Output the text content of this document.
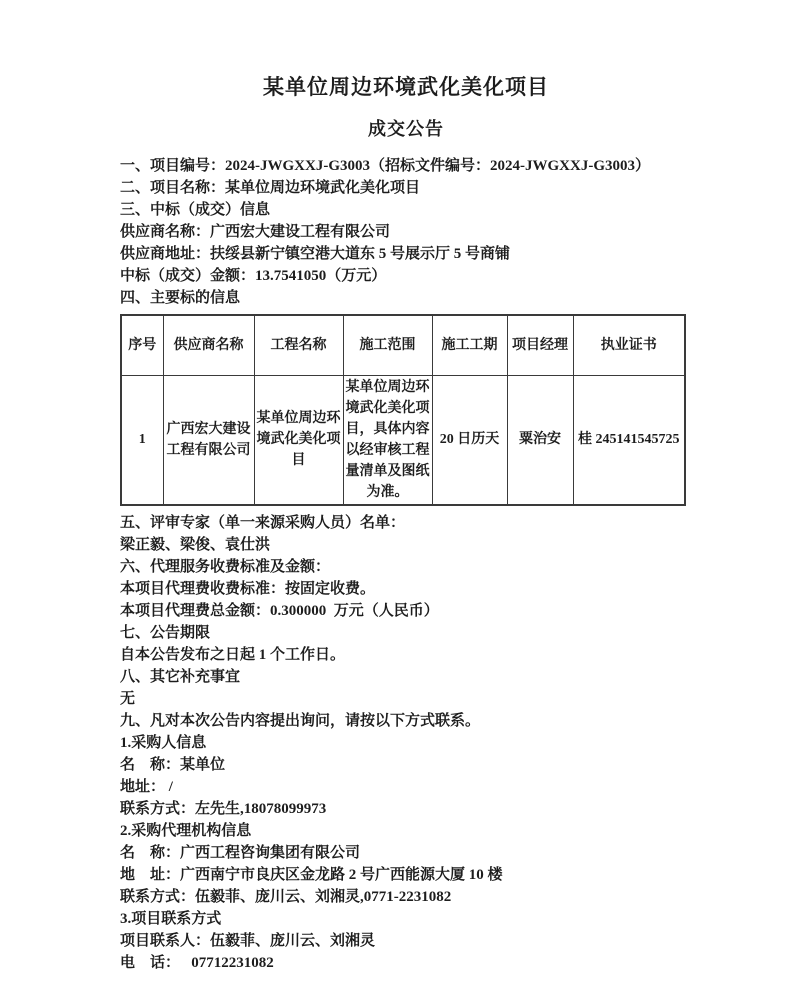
某单位周边环境武化美化项目
成交公告

一、项目编号：2024-JWGXXJ-G3003（招标文件编号：2024-JWGXXJ-G3003）

二、项目名称：某单位周边环境武化美化项目

三、中标（成交）信息

供应商名称：广西宏大建设工程有限公司

供应商地址：扶绥县新宁镇空港大道东 5 号展示厅 5 号商铺

中标（成交）金额：13.7541050（万元）

四、主要标的信息

序号	供应商名称	工程名称	施工范围	施工工期	项目经理	执业证书
1	广西宏大建设工程有限公司	某单位周边环境武化美化项目	某单位周边环境武化美化项目，具体内容以经审核工程量清单及图纸为准。	20 日历天	粟治安	桂 245141545725

五、评审专家（单一来源采购人员）名单：

梁正毅、梁俊、袁仕洪

六、代理服务收费标准及金额：

本项目代理费收费标准：按固定收费。

本项目代理费总金额：0.300000  万元（人民币）

七、公告期限

自本公告发布之日起 1 个工作日。

八、其它补充事宜

无

九、凡对本次公告内容提出询问，请按以下方式联系。

1.采购人信息

名　称：某单位

地址： /

联系方式：左先生,18078099973

2.采购代理机构信息

名　称：广西工程咨询集团有限公司

地　址：广西南宁市良庆区金龙路 2 号广西能源大厦 10 楼

联系方式：伍毅菲、庞川云、刘湘灵,0771-2231082

3.项目联系方式

项目联系人：伍毅菲、庞川云、刘湘灵

电　话：　 07712231082
